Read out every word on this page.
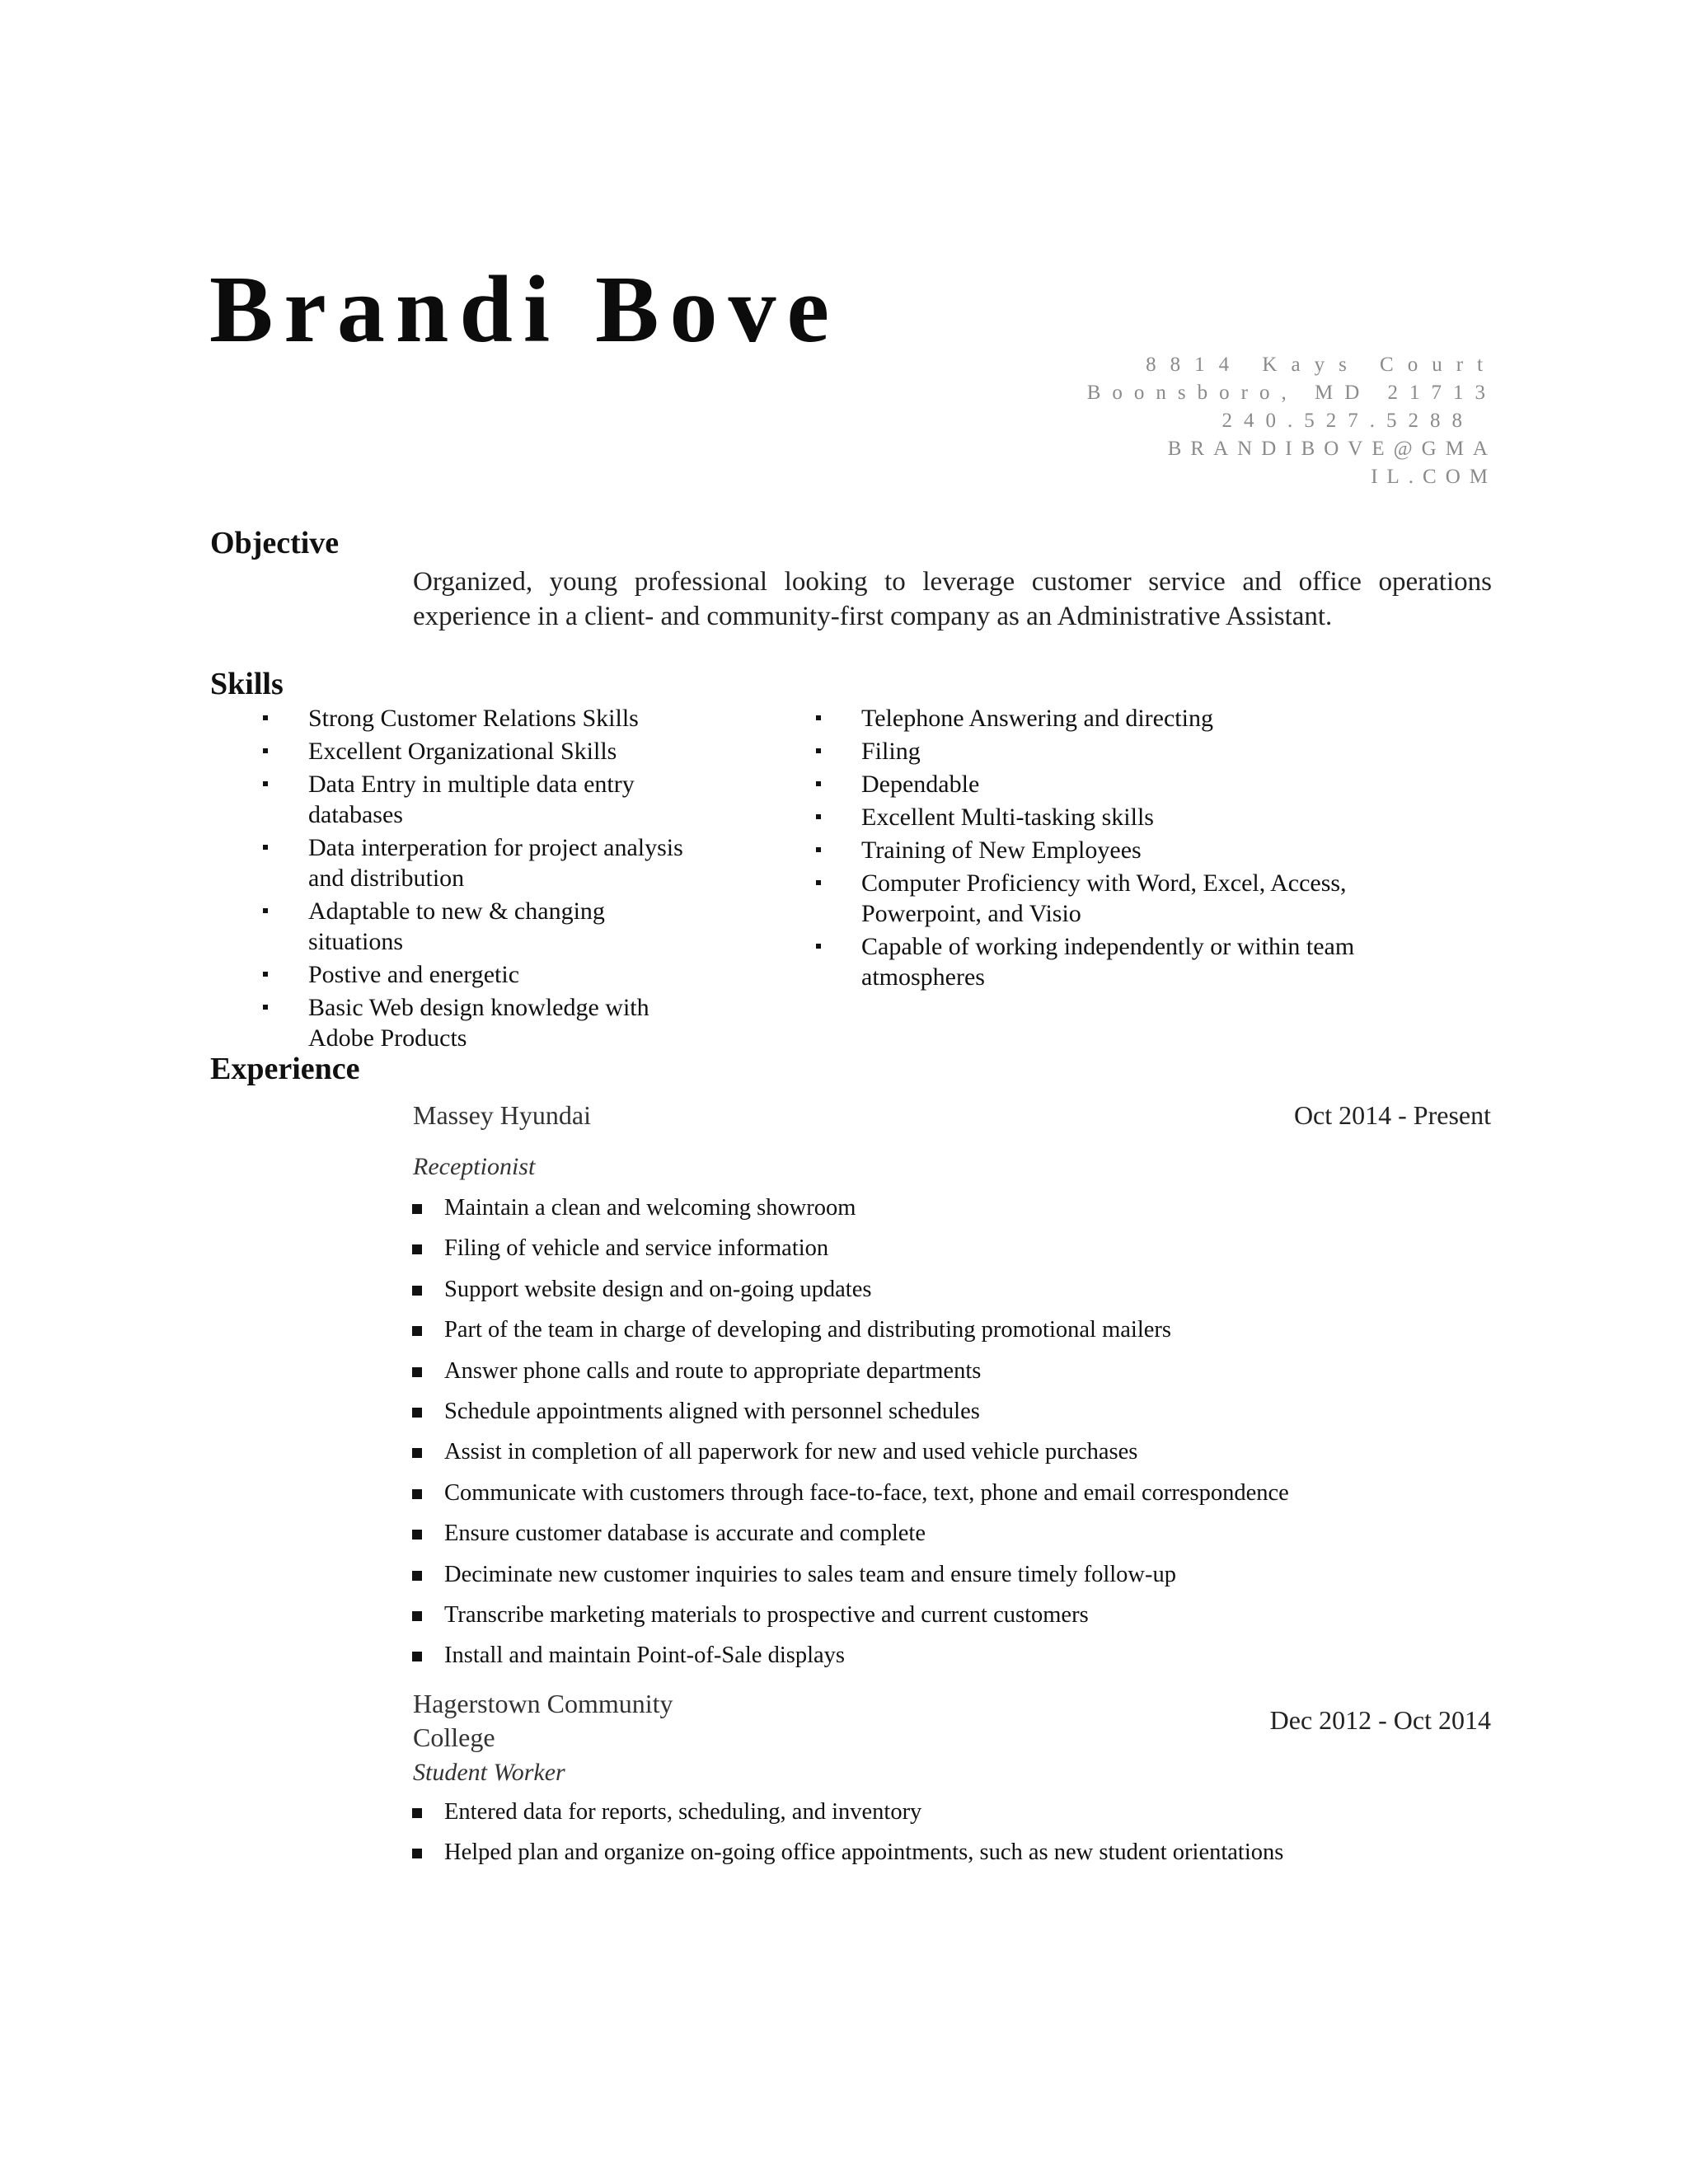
Brandi Bove
8814 Kays Court
Boonsboro, MD 21713
240.527.5288
BRANDIBOVE@GMA
IL.COM
Objective

Organized, young professional looking to leverage customer service and office operations experience in a client- and community-first company as an Administrative Assistant.

Skills
Strong Customer Relations Skills
Excellent Organizational Skills
Data Entry in multiple data entry databases
Data interperation for project analysis and distribution
Adaptable to new & changing situations
Postive and energetic
Basic Web design knowledge with Adobe Products
Telephone Answering and directing
Filing
Dependable
Excellent Multi-tasking skills
Training of New Employees
Computer Proficiency with Word, Excel, Access, Powerpoint, and Visio
Capable of working independently or within team atmospheres
Experience
Massey Hyundai	Oct 2014 - Present
Receptionist
Maintain a clean and welcoming showroom
Filing of vehicle and service information
Support website design and on-going updates
Part of the team in charge of developing and distributing promotional mailers
Answer phone calls and route to appropriate departments
Schedule appointments aligned with personnel schedules
Assist in completion of all paperwork for new and used vehicle purchases
Communicate with customers through face-to-face, text, phone and email correspondence
Ensure customer database is accurate and complete
Deciminate new customer inquiries to sales team and ensure timely follow-up
Transcribe marketing materials to prospective and current customers
Install and maintain Point-of-Sale displays
Hagerstown Community College
Dec 2012 - Oct 2014
Student Worker
Entered data for reports, scheduling, and inventory
Helped plan and organize on-going office appointments, such as new student orientations
